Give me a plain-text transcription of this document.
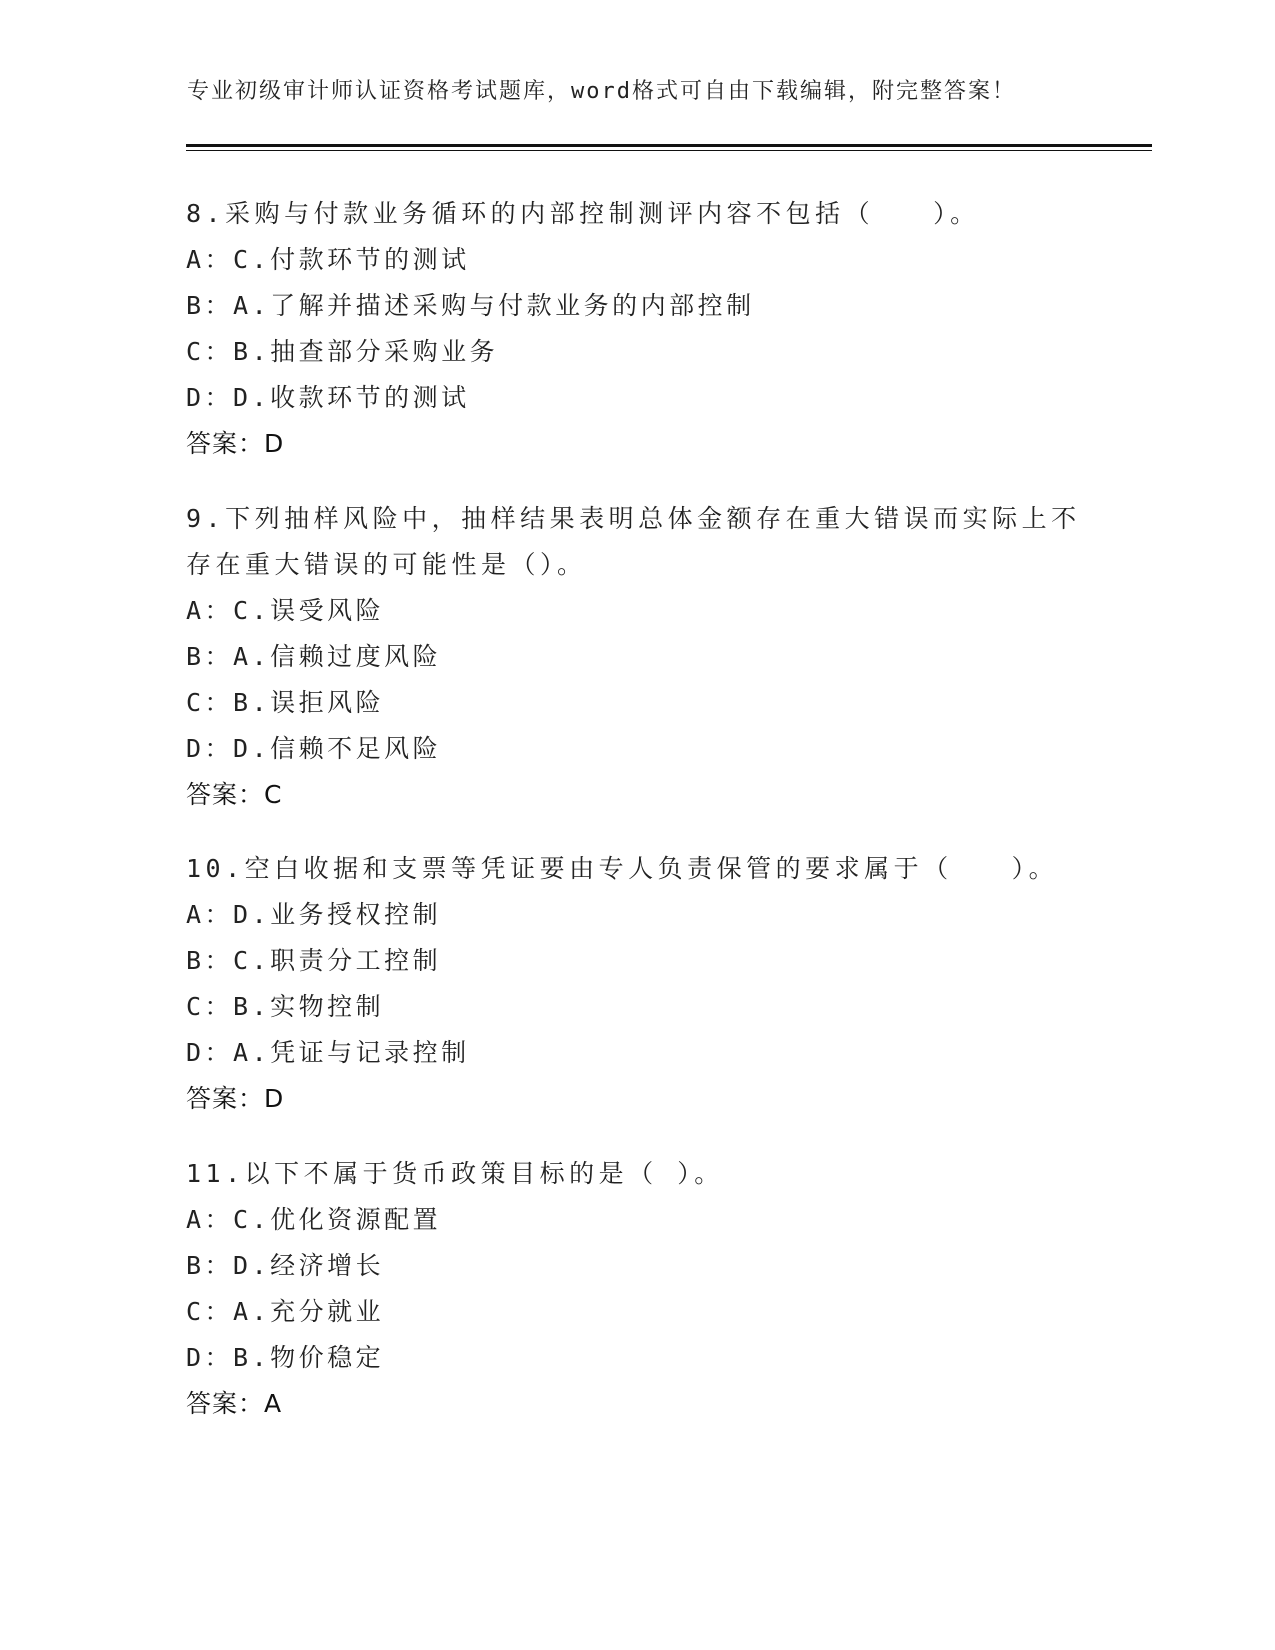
专业初级审计师认证资格考试题库，word格式可自由下载编辑，附完整答案！
8.采购与付款业务循环的内部控制测评内容不包括（　　）。
A：C.付款环节的测试
B：A.了解并描述采购与付款业务的内部控制
C：B.抽查部分采购业务
D：D.收款环节的测试
答案：D
9.下列抽样风险中，抽样结果表明总体金额存在重大错误而实际上不
存在重大错误的可能性是（）。
A：C.误受风险
B：A.信赖过度风险
C：B.误拒风险
D：D.信赖不足风险
答案：C
10.空白收据和支票等凭证要由专人负责保管的要求属于（　　）。
A：D.业务授权控制
B：C.职责分工控制
C：B.实物控制
D：A.凭证与记录控制
答案：D
11.以下不属于货币政策目标的是（ ）。
A：C.优化资源配置
B：D.经济增长
C：A.充分就业
D：B.物价稳定
答案：A
